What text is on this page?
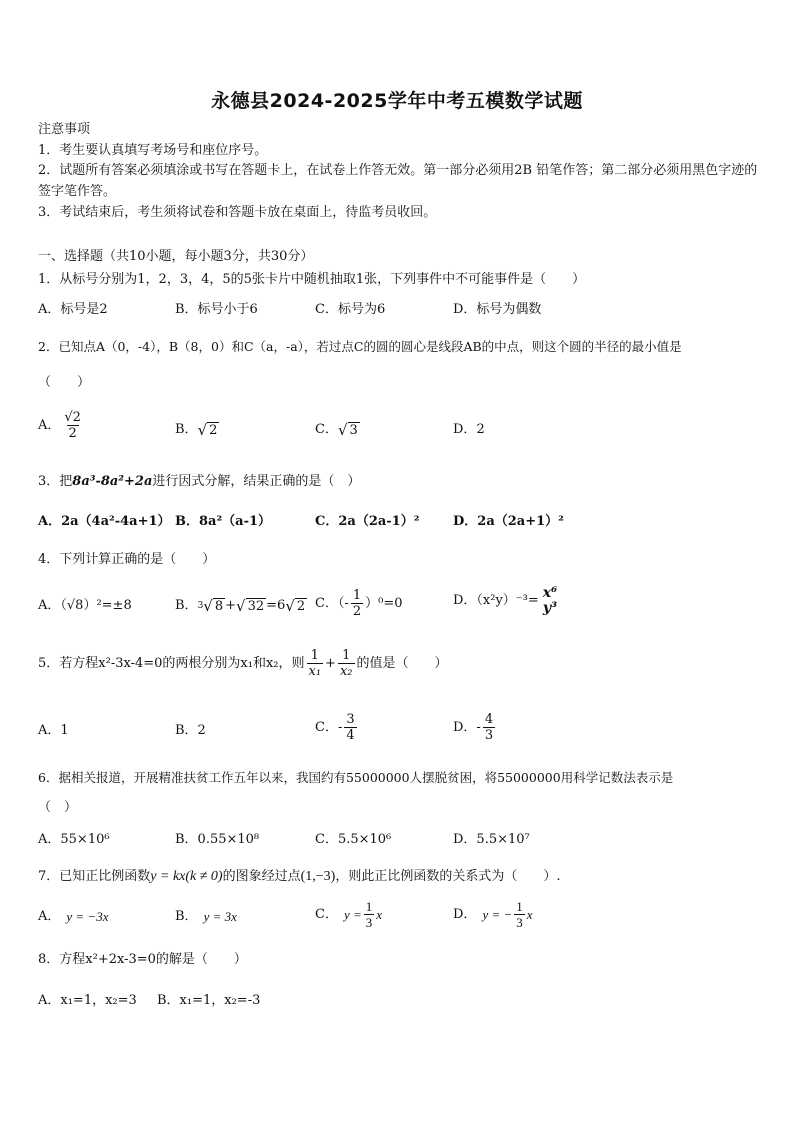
永德县2024-2025学年中考五模数学试题
注意事项
1．考生要认真填写考场号和座位序号。
2．试题所有答案必须填涂或书写在答题卡上，在试卷上作答无效。第一部分必须用2B 铅笔作答；第二部分必须用黑色字迹的签字笔作答。
3．考试结束后，考生须将试卷和答题卡放在桌面上，待监考员收回。
一、选择题（共10小题，每小题3分，共30分）
1．从标号分别为1，2，3，4，5的5张卡片中随机抽取1张，下列事件中不可能事件是（　　）
A．标号是2	B．标号小于6	C．标号为6	D．标号为偶数
2．已知点A（0，-4），B（8，0）和C（a，-a），若过点C的圆的圆心是线段AB的中点，则这个圆的半径的最小值是
（　　）
A． $\frac{√2}{2}$	B． √ 2	C． √ 3	D． 2
3．把8a³-8a²+2a进行因式分解，结果正确的是（　）
A．2a（4a²-4a+1） B．8a²（a-1）	C．2a（2a-1）²	D．2a（2a+1）²
4．下列计算正确的是（　　）
A．（√8）²=±8	B． 3 √ 8 + √ 32 =6 √ 2 C．（- $\frac{1}{2} )^0=0$	D．（x²y）⁻³= x⁶
y³
5．若方程x²-3x-4=0的两根分别为x₁和x₂，则 $\frac{1}{\text{x₁}} + \frac{1}{\text{x₂}}$ 的值是（　　）
A．1	B．2	C．- $\frac{3}{4}$	D．- $\frac{4}{3}$
6．据相关报道，开展精准扶贫工作五年以来，我国约有55000000人摆脱贫困，将55000000用科学记数法表示是
（　）
A．55×10⁶	B．0.55×10⁸	C．5.5×10⁶	D．5.5×10⁷
7．已知正比例函数y = kx(k ≠ 0)的图象经过点(1,−3)，则此正比例函数的关系式为（　　）.
A． y = −3x	B． y = 3x	C． $y = \frac{1}{3}$ x	D． y = − $\frac{1}{3}$ x
8．方程x²+2x-3=0的解是（　　）
A．x₁=1，x₂=3 B．x₁=1，x₂=-3
